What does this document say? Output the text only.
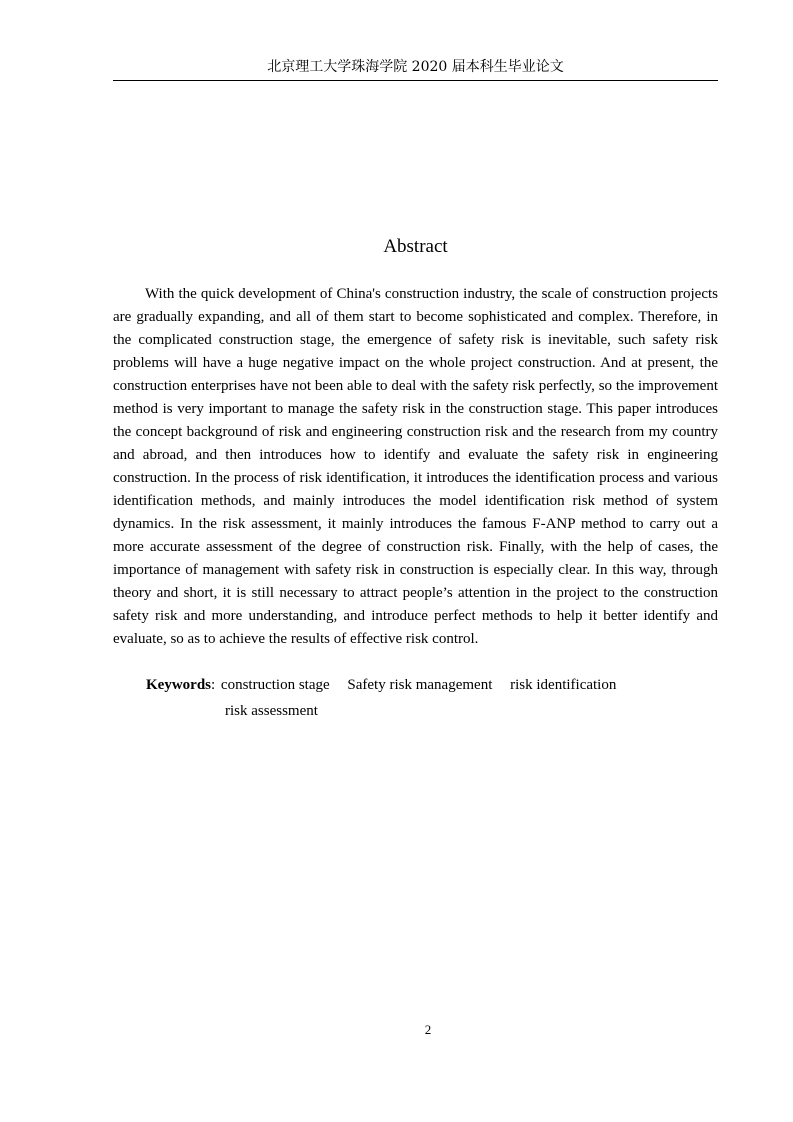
北京理工大学珠海学院 2020 届本科生毕业论文
Abstract

With the quick development of China's construction industry, the scale of construction projects are gradually expanding, and all of them start to become sophisticated and complex. Therefore, in the complicated construction stage, the emergence of safety risk is inevitable, such safety risk problems will have a huge negative impact on the whole project construction. And at present, the construction enterprises have not been able to deal with the safety risk perfectly, so the improvement method is very important to manage the safety risk in the construction stage. This paper introduces the concept background of risk and engineering construction risk and the research from my country and abroad, and then introduces how to identify and evaluate the safety risk in engineering construction. In the process of risk identification, it introduces the identification process and various identification methods, and mainly introduces the model identification risk method of system dynamics. In the risk assessment, it mainly introduces the famous F-ANP method to carry out a more accurate assessment of the degree of construction risk. Finally, with the help of cases, the importance of management with safety risk in construction is especially clear. In this way, through theory and short, it is still necessary to attract people’s attention in the project to the construction safety risk and more understanding, and introduce perfect methods to help it better identify and evaluate, so as to achieve the results of effective risk control.

Keywords: construction stage Safety risk management risk identification
risk assessment
2
